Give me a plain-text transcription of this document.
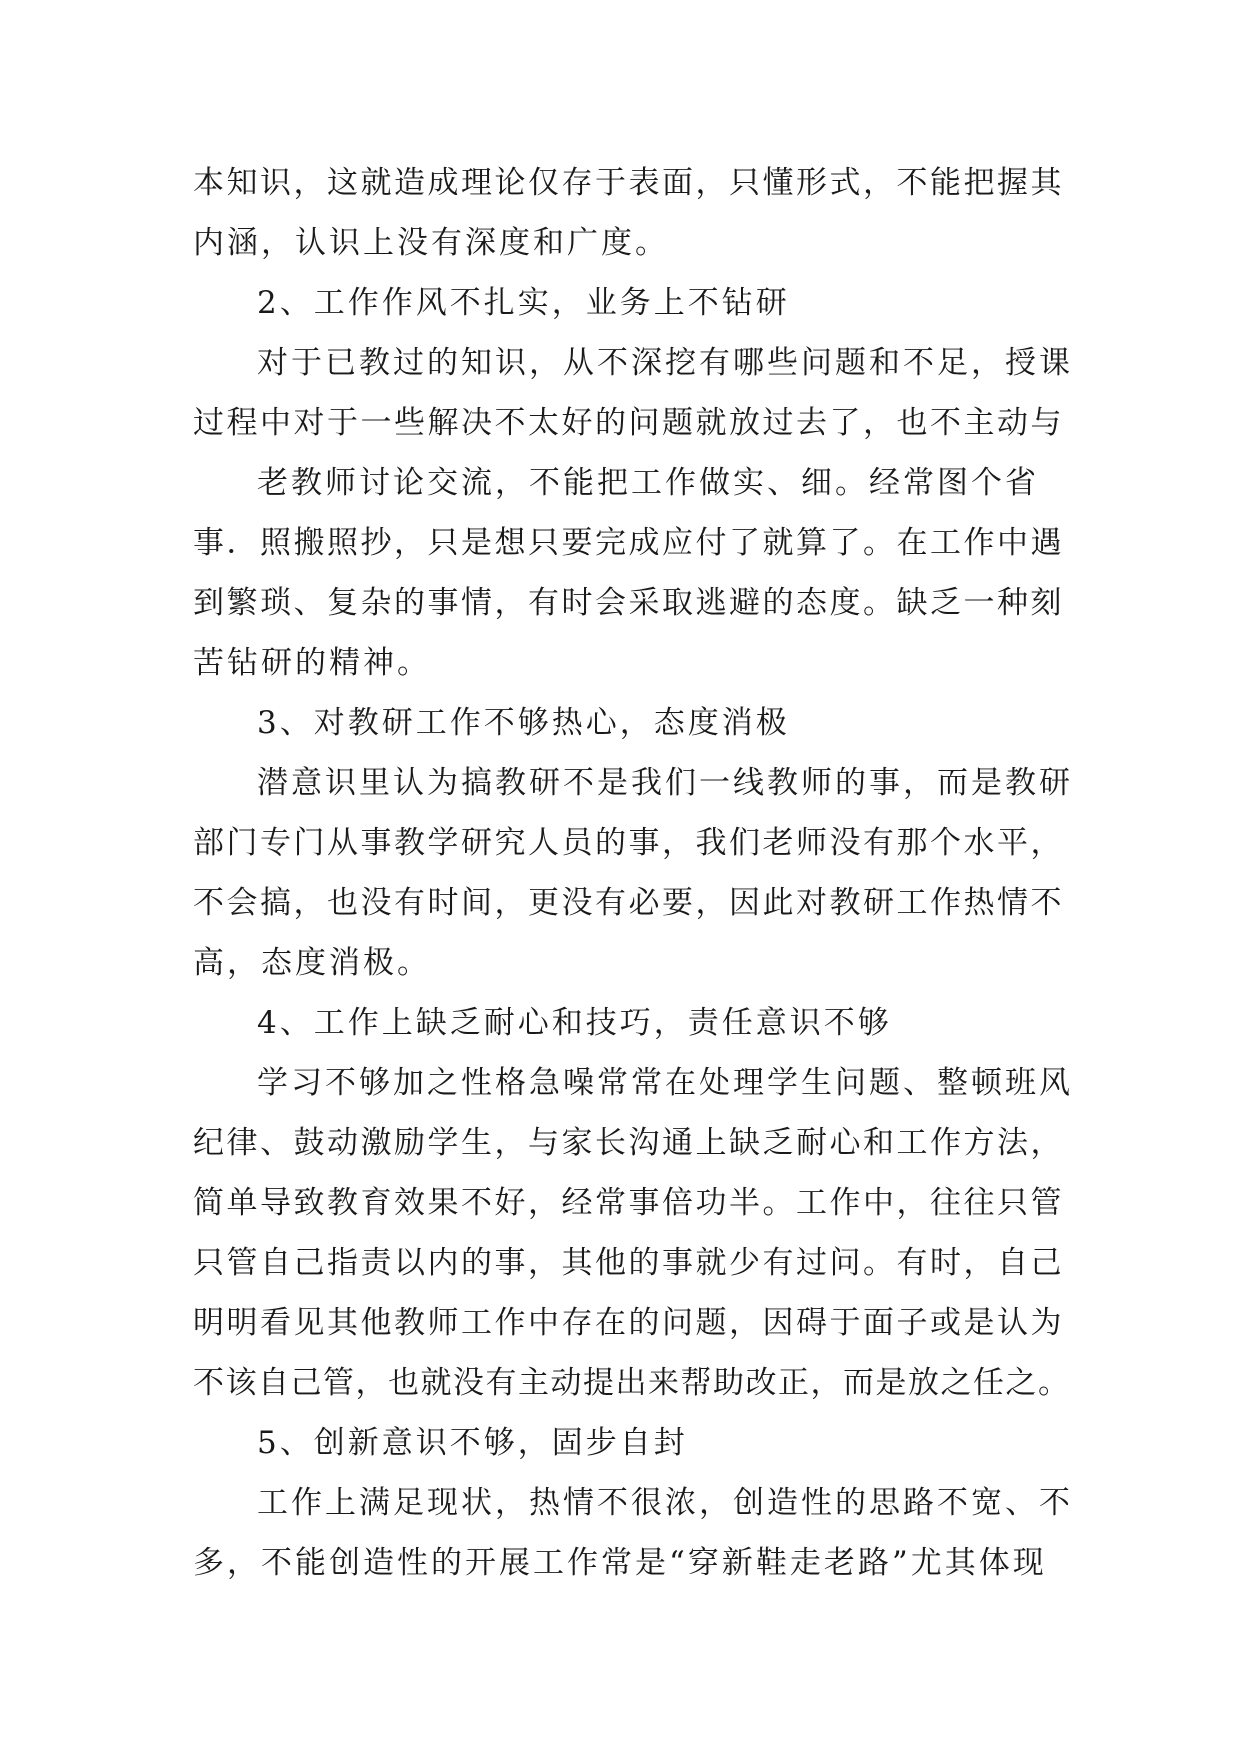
本知识，这就造成理论仅存于表面，只懂形式，不能把握其
内涵，认识上没有深度和广度。
2、工作作风不扎实，业务上不钻研
对于已教过的知识，从不深挖有哪些问题和不足，授课
过程中对于一些解决不太好的问题就放过去了，也不主动与
老教师讨论交流，不能把工作做实、细。经常图个省
事．照搬照抄，只是想只要完成应付了就算了。在工作中遇
到繁琐、复杂的事情，有时会采取逃避的态度。缺乏一种刻
苦钻研的精神。
3、对教研工作不够热心，态度消极
潜意识里认为搞教研不是我们一线教师的事，而是教研
部门专门从事教学研究人员的事，我们老师没有那个水平，
不会搞，也没有时间，更没有必要，因此对教研工作热情不
高，态度消极。
4、工作上缺乏耐心和技巧，责任意识不够
学习不够加之性格急噪常常在处理学生问题、整顿班风
纪律、鼓动激励学生，与家长沟通上缺乏耐心和工作方法，
简单导致教育效果不好，经常事倍功半。工作中，往往只管
只管自己指责以内的事，其他的事就少有过问。有时，自己
明明看见其他教师工作中存在的问题，因碍于面子或是认为
不该自己管，也就没有主动提出来帮助改正，而是放之任之。
5、创新意识不够，固步自封
工作上满足现状，热情不很浓，创造性的思路不宽、不
多，不能创造性的开展工作常是“穿新鞋走老路”尤其体现
